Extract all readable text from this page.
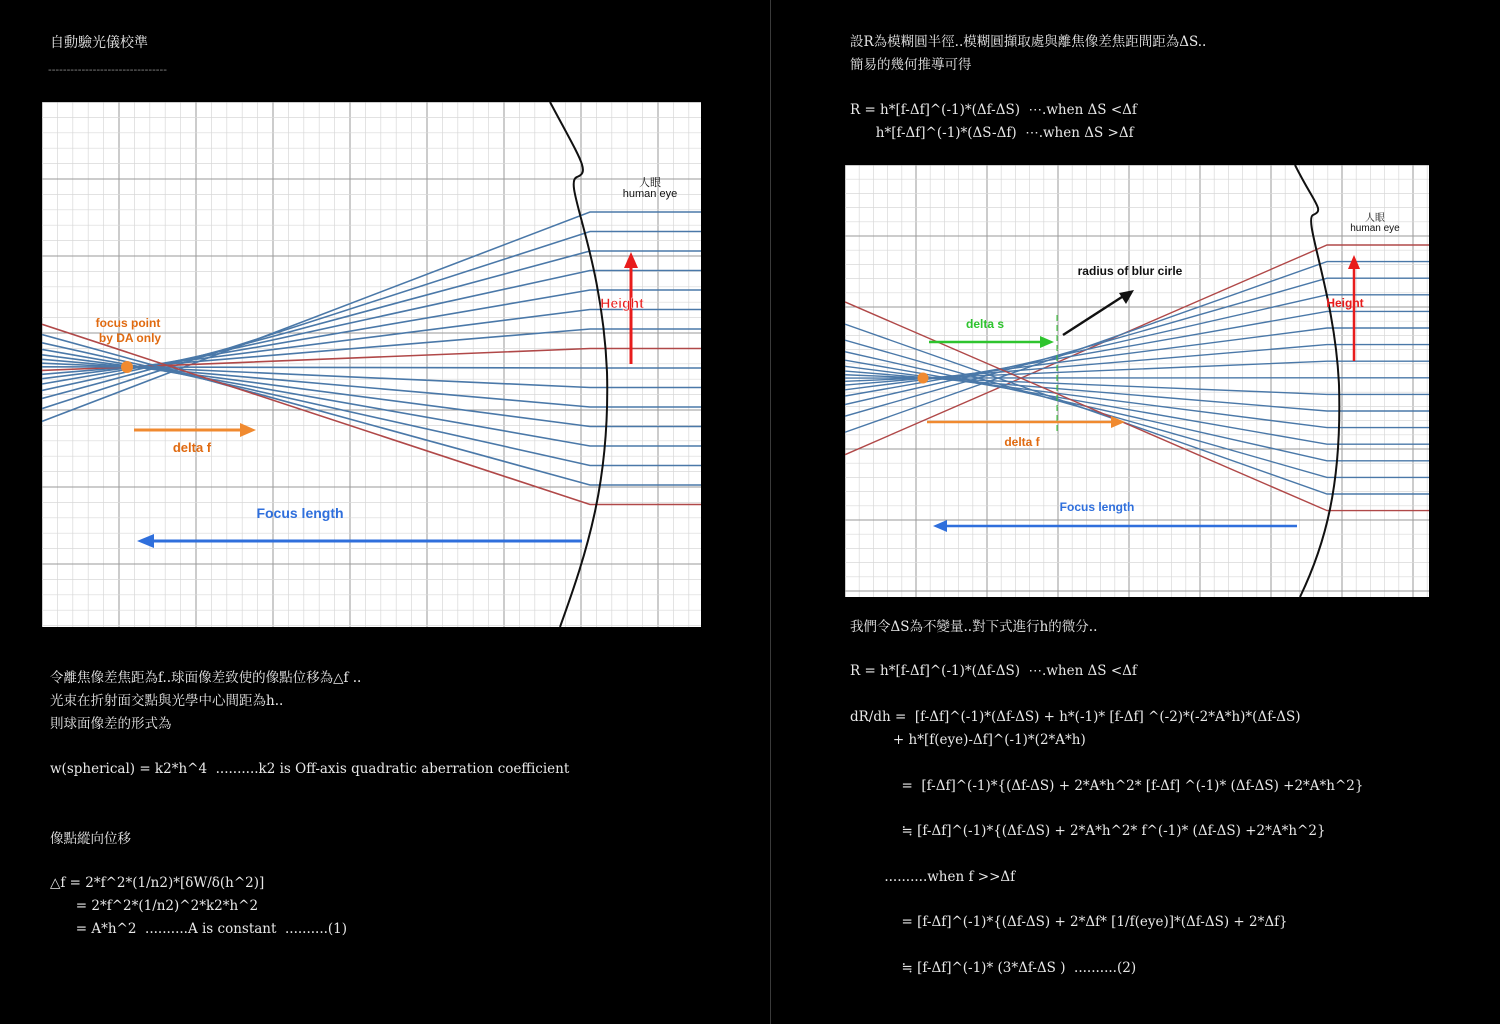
自動驗光儀校準
--------------------------------
人眼
human eye
Height
focus point
by DA only
delta f
Focus length
令離焦像差焦距為f..球面像差致使的像點位移為△f ..
光束在折射面交點與光學中心間距為h..
則球面像差的形式為
w(spherical) = k2*h^4  ..........k2 is Off-axis quadratic aberration coefficient
像點縱向位移
△f = 2*f^2*(1/n2)*[δW/δ(h^2)]
= 2*f^2*(1/n2)^2*k2*h^2
= A*h^2  ..........A is constant  ..........(1)
設R為模糊圓半徑..模糊圓擷取處與離焦像差焦距間距為ΔS..
簡易的幾何推導可得
R = h*[f-Δf]^(-1)*(Δf-ΔS)  ⋯.when ΔS <Δf
h*[f-Δf]^(-1)*(ΔS-Δf)  ⋯.when ΔS >Δf
人眼
human eye
Height
radius of blur cirle
delta s
delta f
Focus length
我們令ΔS為不變量..對下式進行h的微分..
R = h*[f-Δf]^(-1)*(Δf-ΔS)  ⋯.when ΔS <Δf
dR/dh =  [f-Δf]^(-1)*(Δf-ΔS) + h*(-1)* [f-Δf] ^(-2)*(-2*A*h)*(Δf-ΔS)
+ h*[f(eye)-Δf]^(-1)*(2*A*h)
=  [f-Δf]^(-1)*{(Δf-ΔS) + 2*A*h^2* [f-Δf] ^(-1)* (Δf-ΔS) +2*A*h^2}
≒ [f-Δf]^(-1)*{(Δf-ΔS) + 2*A*h^2* f^(-1)* (Δf-ΔS) +2*A*h^2}
..........when f >>Δf
= [f-Δf]^(-1)*{(Δf-ΔS) + 2*Δf* [1/f(eye)]*(Δf-ΔS) + 2*Δf}
≒ [f-Δf]^(-1)* (3*Δf-ΔS )  ..........(2)
